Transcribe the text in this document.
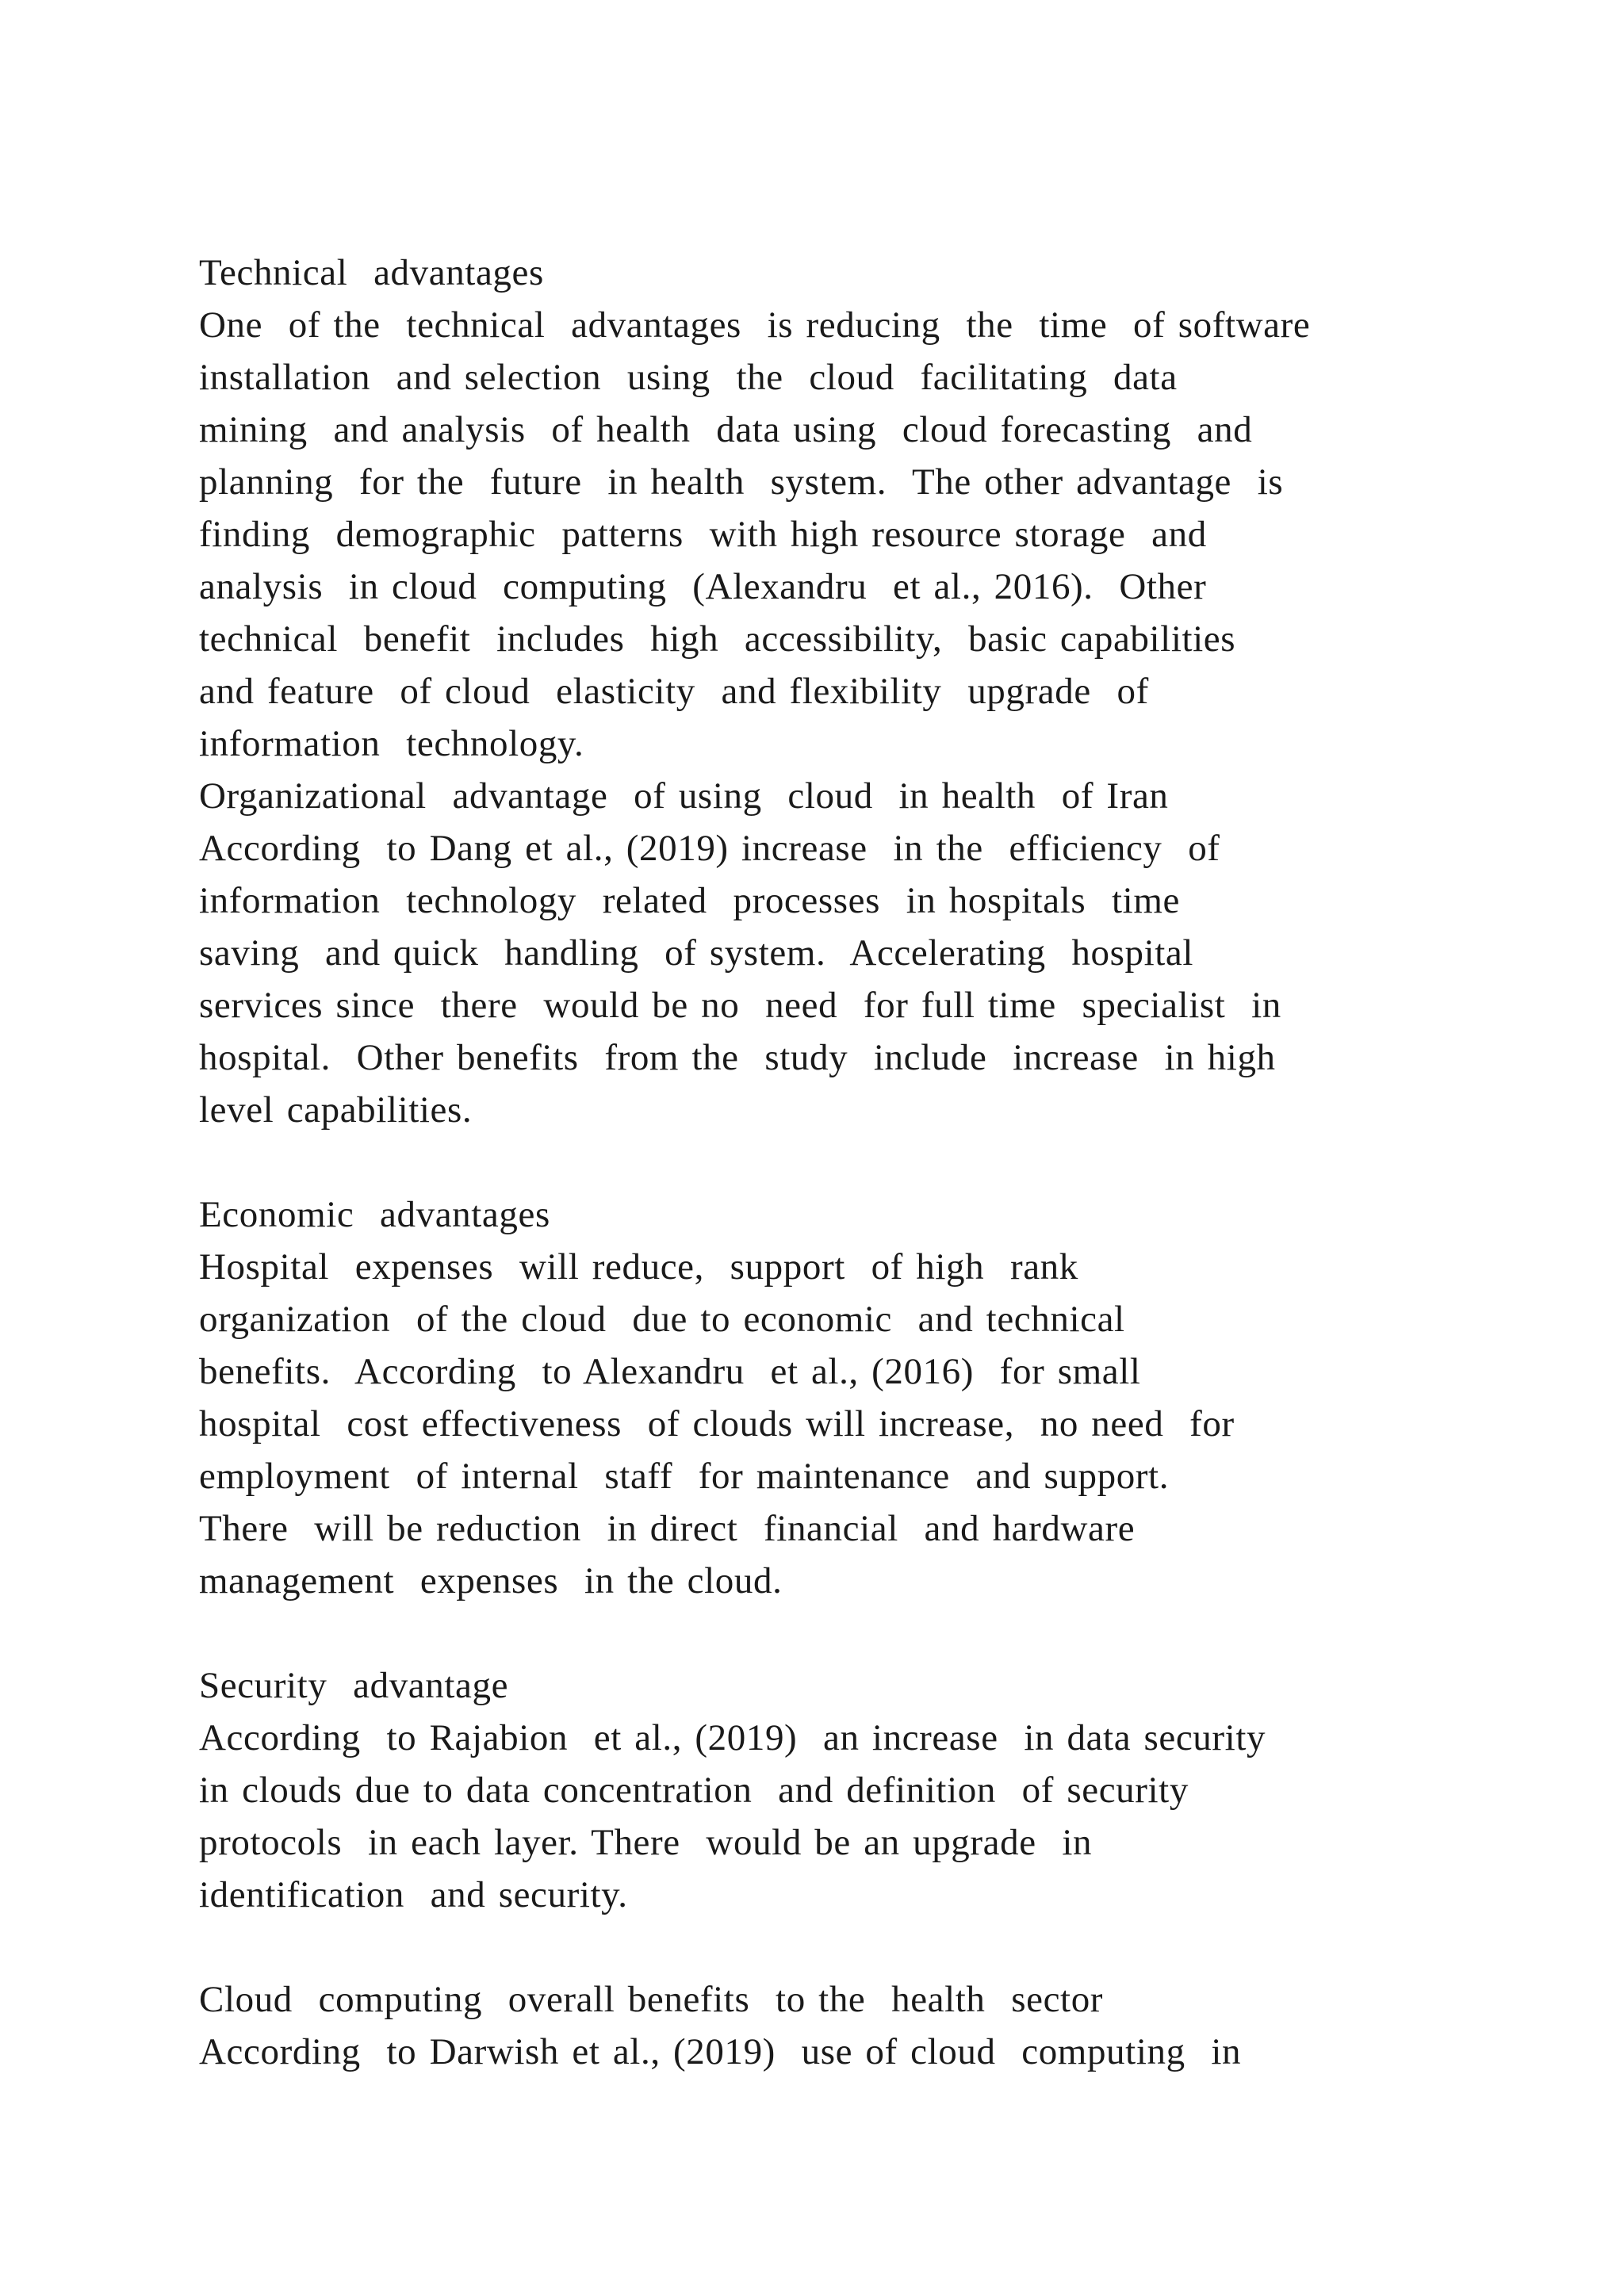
Technical  advantages
One  of the  technical  advantages  is reducing  the  time  of software
installation  and selection  using  the  cloud  facilitating  data
mining  and analysis  of health  data using  cloud forecasting  and
planning  for the  future  in health  system.  The other advantage  is
finding  demographic  patterns  with high resource storage  and
analysis  in cloud  computing  (Alexandru  et al., 2016).  Other
technical  benefit  includes  high  accessibility,  basic capabilities
and feature  of cloud  elasticity  and flexibility  upgrade  of
information  technology.
Organizational  advantage  of using  cloud  in health  of Iran
According  to Dang et al., (2019) increase  in the  efficiency  of
information  technology  related  processes  in hospitals  time
saving  and quick  handling  of system.  Accelerating  hospital
services since  there  would be no  need  for full time  specialist  in
hospital.  Other benefits  from the  study  include  increase  in high
level capabilities.
Economic  advantages
Hospital  expenses  will reduce,  support  of high  rank
organization  of the cloud  due to economic  and technical
benefits.  According  to Alexandru  et al., (2016)  for small
hospital  cost effectiveness  of clouds will increase,  no need  for
employment  of internal  staff  for maintenance  and support.
There  will be reduction  in direct  financial  and hardware
management  expenses  in the cloud.
Security  advantage
According  to Rajabion  et al., (2019)  an increase  in data security
in clouds due to data concentration  and definition  of security
protocols  in each layer. There  would be an upgrade  in
identification  and security.
Cloud  computing  overall benefits  to the  health  sector
According  to Darwish et al., (2019)  use of cloud  computing  in
